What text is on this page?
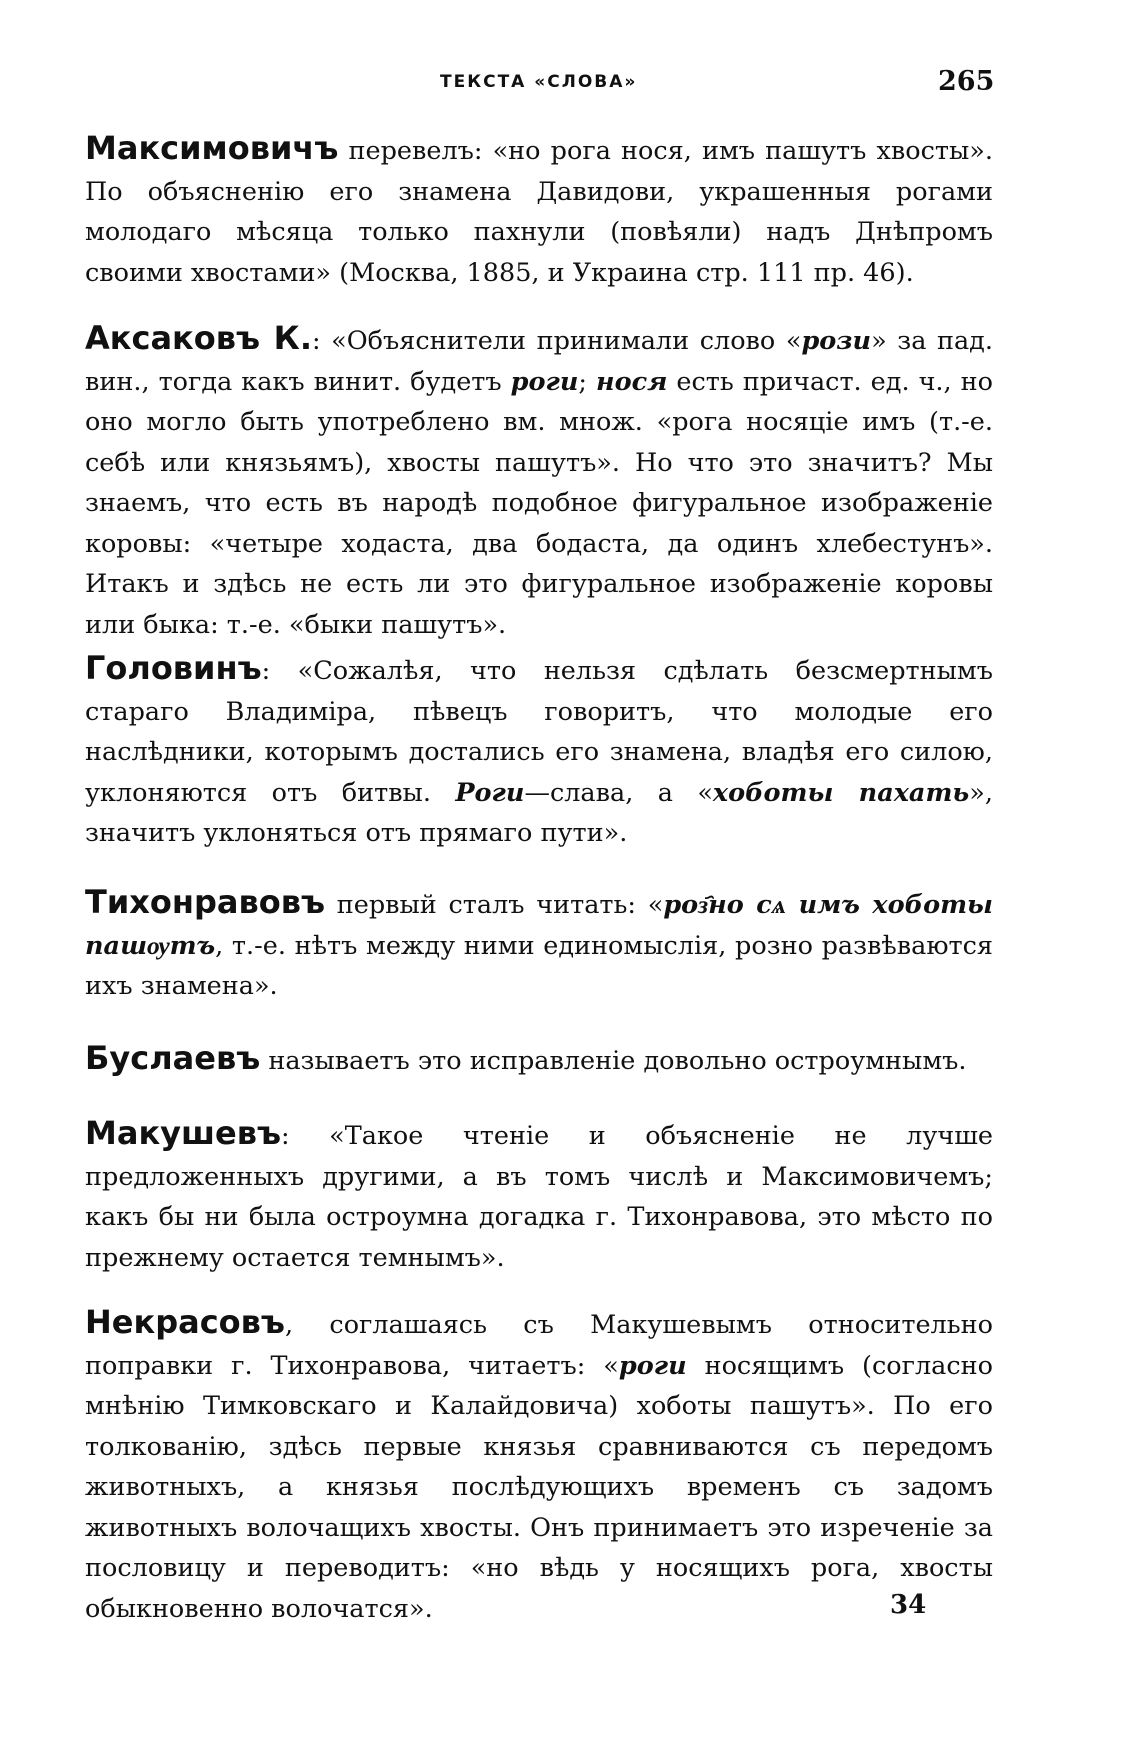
ТЕКСТА «СЛОВА»	265

Максимовичъ перевелъ: «но рога нося, имъ пашутъ хвосты». По объясненію его знамена Давидови, украшенныя рогами молодаго мѣсяца только пахнули (повѣяли) надъ Днѣпромъ своими хвостами» (Москва, 1885, и Украина стр. 111 пр. 46).

Аксаковъ К.: «Объяснители принимали слово «рози» за пад. вин., тогда какъ винит. будетъ роги; нося есть причаст. ед. ч., но оно могло быть употреблено вм. множ. «рога носяціе имъ (т.-е. себѣ или князьямъ), хвосты пашутъ». Но что это значитъ? Мы знаемъ, что есть въ народѣ подобное фигуральное изображеніе коровы: «четыре ходаста, два бодаста, да одинъ хлебестунъ». Итакъ и здѣсь не есть ли это фигуральное изображеніе коровы или быка: т.-е. «быки пашутъ».

Головинъ: «Сожалѣя, что нельзя сдѣлать безсмертнымъ стараго Владиміра, пѣвецъ говоритъ, что молодые его наслѣдники, которымъ достались его знамена, владѣя его силою, уклоняются отъ битвы. Роги—слава, а «хоботы пахать», значитъ уклоняться отъ прямаго пути».

Тихонравовъ первый сталъ читать: «роз҄но сѧ имъ хоботы пашѹтъ, т.-е. нѣтъ между ними единомыслія, розно развѣваются ихъ знамена».

Буслаевъ называетъ это исправленіе довольно остроумнымъ.

Макушевъ: «Такое чтеніе и объясненіе не лучше предложенныхъ другими, а въ томъ числѣ и Максимовичемъ; какъ бы ни была остроумна догадка г. Тихонравова, это мѣсто по прежнему остается темнымъ».

Некрасовъ, соглашаясь съ Макушевымъ относительно поправки г. Тихонравова, читаетъ: «роги носящимъ (согласно мнѣнію Тимковскаго и Калайдовича) хоботы пашутъ». По его толкованію, здѣсь первые князья сравниваются съ передомъ животныхъ, а князья послѣдующихъ временъ съ задомъ животныхъ волочащихъ хвосты. Онъ принимаетъ это изреченіе за пословицу и переводитъ: «но вѣдь у носящихъ рога, хвосты обыкновенно волочатся».	34
